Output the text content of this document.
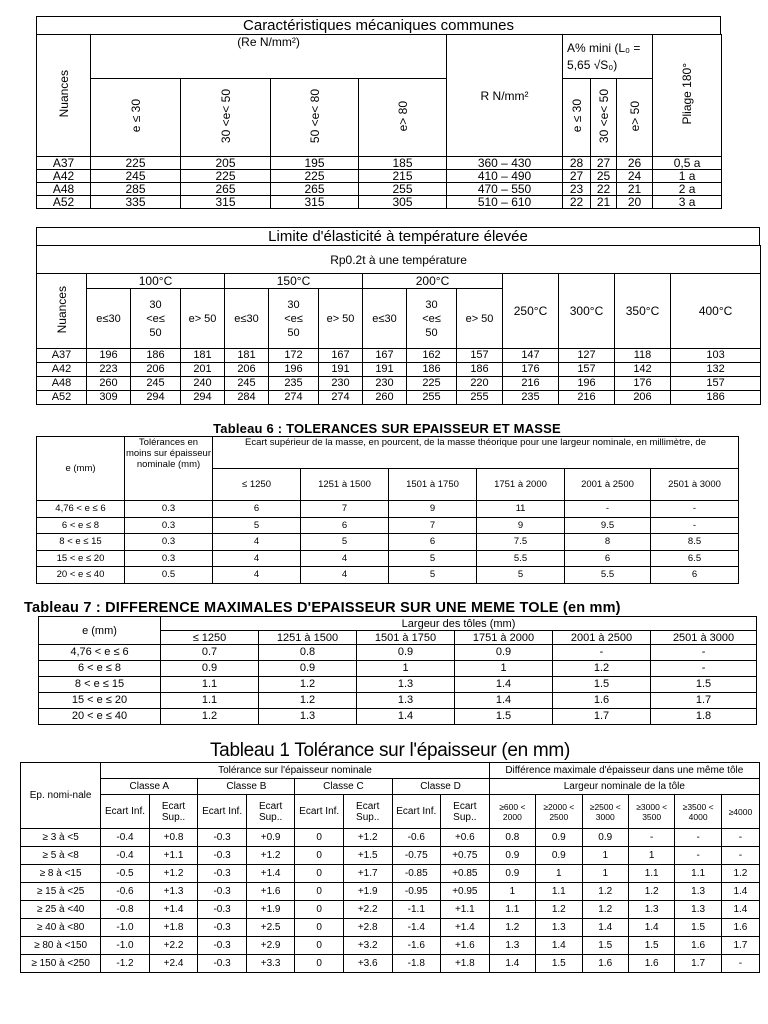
Caractéristiques mécaniques communes
Nuances	(Re N/mm²)				R N/mm²	A% mini (L₀ = 5,65 √S₀)			Pliage 180°
	e ≤ 30	30 <e< 50	50 <e< 80	e> 80		e ≤ 30	30 <e< 50	e> 50	
A37	225	205	195	185	360 – 430	28	27	26	0,5 a
A42	245	225	225	215	410 – 490	27	25	24	1 a
A48	285	265	265	255	470 – 550	23	22	21	2 a
A52	335	315	315	305	510 – 610	22	21	20	3 a
Limite d'élasticité à température élevée
Rp0.2t à une température													
Nuances	100°C			150°C			200°C			250°C	300°C	350°C	400°C
	e≤30	30 <e≤ 50	e> 50	e≤30	30 <e≤ 50	e> 50	e≤30	30 <e≤ 50	e> 50				
A37	196	186	181	181	172	167	167	162	157	147	127	118	103
A42	223	206	201	206	196	191	191	186	186	176	157	142	132
A48	260	245	240	245	235	230	230	225	220	216	196	176	157
A52	309	294	294	284	274	274	260	255	255	235	216	206	186
Tableau 6 : TOLERANCES SUR EPAISSEUR ET MASSE
e (mm)	Tolérances en moins sur épaisseur nominale (mm)	Ecart supérieur de la masse, en pourcent, de la masse théorique pour une largeur nominale, en millimètre, de					
		≤ 1250	1251 à 1500	1501 à 1750	1751 à 2000	2001 à 2500	2501 à 3000
4,76 < e ≤ 6	0.3	6	7	9	11	-	-
6 < e ≤ 8	0.3	5	6	7	9	9.5	-
8 < e ≤ 15	0.3	4	5	6	7.5	8	8.5
15 < e ≤ 20	0.3	4	4	5	5.5	6	6.5
20 < e ≤ 40	0.5	4	4	5	5	5.5	6
Tableau 7 : DIFFERENCE MAXIMALES D'EPAISSEUR SUR UNE MEME TOLE (en mm)
e (mm)	Largeur des tôles (mm)					
	≤ 1250	1251 à 1500	1501 à 1750	1751 à 2000	2001 à 2500	2501 à 3000
4,76 < e ≤ 6	0.7	0.8	0.9	0.9	-	-
6 < e ≤ 8	0.9	0.9	1	1	1.2	-
8 < e ≤ 15	1.1	1.2	1.3	1.4	1.5	1.5
15 < e ≤ 20	1.1	1.2	1.3	1.4	1.6	1.7
20 < e ≤ 40	1.2	1.3	1.4	1.5	1.7	1.8
Tableau 1 Tolérance sur l'épaisseur (en mm)
Ep. nomi-nale	Tolérance sur l'épaisseur nominale								Différence maximale d'épaisseur dans une même tôle					
	Classe A		Classe B		Classe C		Classe D		Largeur nominale de la tôle					
	Ecart Inf.	Ecart Sup..	Ecart Inf.	Ecart Sup..	Ecart Inf.	Ecart Sup..	Ecart Inf.	Ecart Sup..	≥600 < 2000	≥2000 < 2500	≥2500 < 3000	≥3000 < 3500	≥3500 < 4000	≥4000
≥ 3 à <5	-0.4	+0.8	-0.3	+0.9	0	+1.2	-0.6	+0.6	0.8	0.9	0.9	-	-	-
≥ 5 à <8	-0.4	+1.1	-0.3	+1.2	0	+1.5	-0.75	+0.75	0.9	0.9	1	1	-	-
≥ 8 à <15	-0.5	+1.2	-0.3	+1.4	0	+1.7	-0.85	+0.85	0.9	1	1	1.1	1.1	1.2
≥ 15 à <25	-0.6	+1.3	-0.3	+1.6	0	+1.9	-0.95	+0.95	1	1.1	1.2	1.2	1.3	1.4
≥ 25 à <40	-0.8	+1.4	-0.3	+1.9	0	+2.2	-1.1	+1.1	1.1	1.2	1.2	1.3	1.3	1.4
≥ 40 à <80	-1.0	+1.8	-0.3	+2.5	0	+2.8	-1.4	+1.4	1.2	1.3	1.4	1.4	1.5	1.6
≥ 80 à <150	-1.0	+2.2	-0.3	+2.9	0	+3.2	-1.6	+1.6	1.3	1.4	1.5	1.5	1.6	1.7
≥ 150 à <250	-1.2	+2.4	-0.3	+3.3	0	+3.6	-1.8	+1.8	1.4	1.5	1.6	1.6	1.7	-
